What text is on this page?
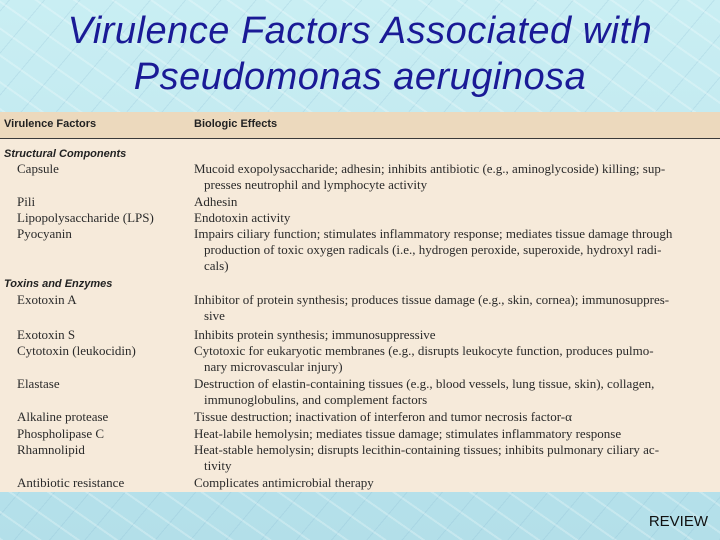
Virulence Factors Associated with
Pseudomonas aeruginosa
Virulence Factors	Biologic Effects
Structural Components
Capsule	Mucoid exopolysaccharide; adhesin; inhibits antibiotic (e.g., aminoglycoside) killing; sup-
presses neutrophil and lymphocyte activity
Pili	Adhesin
Lipopolysaccharide (LPS)	Endotoxin activity
Pyocyanin	Impairs ciliary function; stimulates inflammatory response; mediates tissue damage through
production of toxic oxygen radicals (i.e., hydrogen peroxide, superoxide, hydroxyl radi-
cals)
Toxins and Enzymes
Exotoxin A	Inhibitor of protein synthesis; produces tissue damage (e.g., skin, cornea); immunosuppres-
sive
Exotoxin S	Inhibits protein synthesis; immunosuppressive
Cytotoxin (leukocidin)	Cytotoxic for eukaryotic membranes (e.g., disrupts leukocyte function, produces pulmo-
nary microvascular injury)
Elastase	Destruction of elastin-containing tissues (e.g., blood vessels, lung tissue, skin), collagen,
immunoglobulins, and complement factors
Alkaline protease	Tissue destruction; inactivation of interferon and tumor necrosis factor-α
Phospholipase C	Heat-labile hemolysin; mediates tissue damage; stimulates inflammatory response
Rhamnolipid	Heat-stable hemolysin; disrupts lecithin-containing tissues; inhibits pulmonary ciliary ac-
tivity
Antibiotic resistance	Complicates antimicrobial therapy
REVIEW
